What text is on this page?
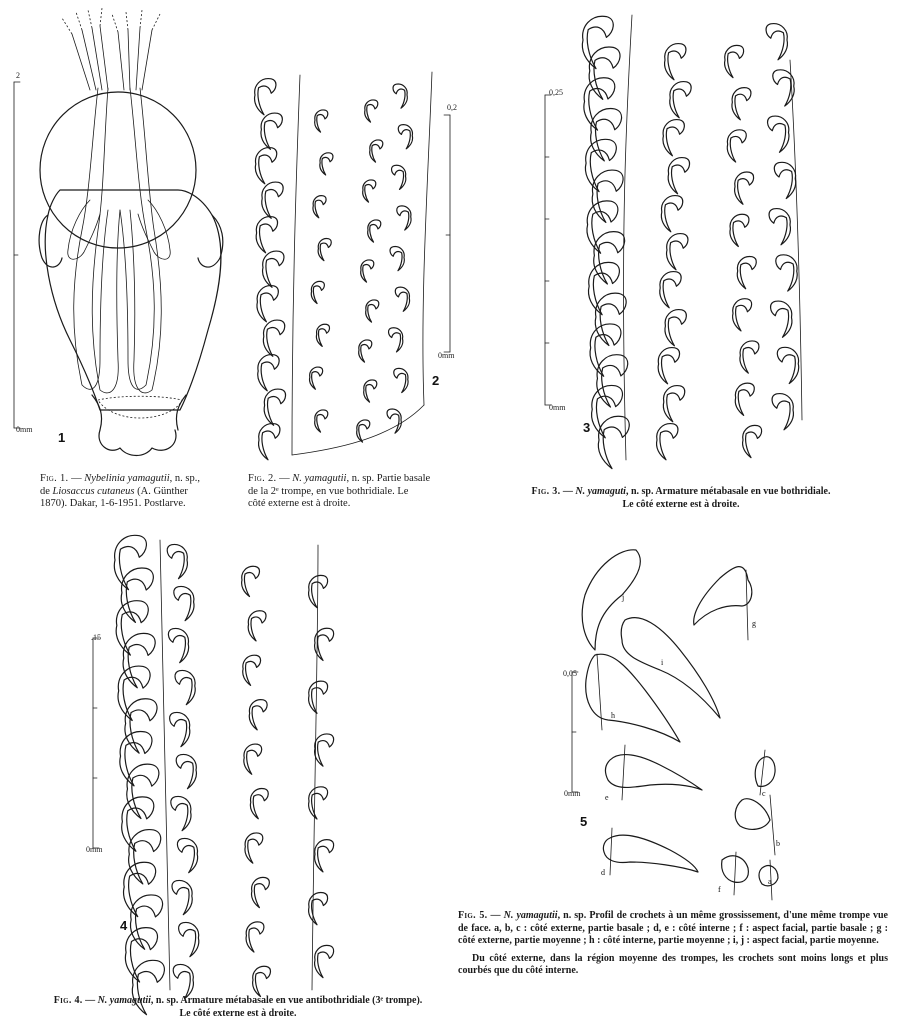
2
0mm
1
0,2
0mm
2
0,25
0mm
3
.15
0mm
4
0,05
0mm
j
g
i
h
c
e
b
d
f
a
5
Fig. 1. — Nybelinia yamagutii, n. sp.,
de Liosaccus cutaneus (A. Günther
1870). Dakar, 1-6-1951. Postlarve.
Fig. 2. — N. yamagutii, n. sp. Partie basale
de la 2ᵉ trompe, en vue bothridiale. Le
côté externe est à droite.
Fig. 3. — N. yamaguti, n. sp. Armature métabasale en vue bothridiale.
Le côté externe est à droite.
Fig. 4. — N. yamagutii, n. sp. Armature métabasale en vue antibothridiale (3ᵉ trompe).
Le côté externe est à droite.
Fig. 5. — N. yamagutii, n. sp. Profil de crochets à un même grossissement, d'une même trompe vue de face. a, b, c : côté externe, partie basale ; d, e : côté interne ; f : aspect facial, partie basale ; g : côté externe, partie moyenne ; h : côté interne, partie moyenne ; i, j : aspect facial, partie moyenne.
Du côté externe, dans la région moyenne des trompes, les crochets sont moins longs et plus courbés que du côté interne.
